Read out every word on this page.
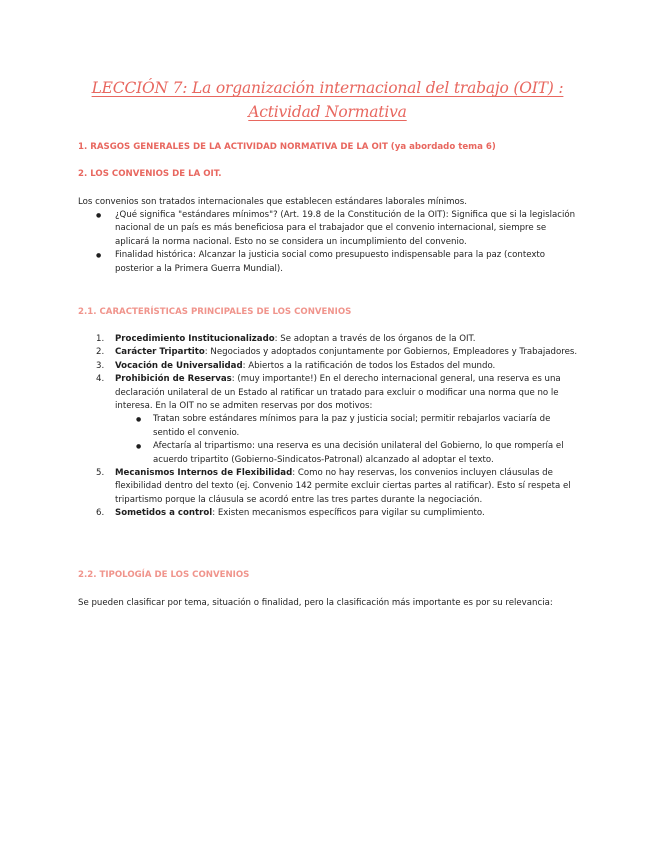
LECCIÓN 7: La organización internacional del trabajo (OIT) :
Actividad Normativa
1. RASGOS GENERALES DE LA ACTIVIDAD NORMATIVA DE LA OIT (ya abordado tema 6)
2. LOS CONVENIOS DE LA OIT.
Los convenios son tratados internacionales que establecen estándares laborales mínimos.
● ¿Qué significa "estándares mínimos"? (Art. 19.8 de la Constitución de la OIT): Significa que si la legislación nacional de un país es más beneficiosa para el trabajador que el convenio internacional, siempre se aplicará la norma nacional. Esto no se considera un incumplimiento del convenio.
● Finalidad histórica: Alcanzar la justicia social como presupuesto indispensable para la paz (contexto posterior a la Primera Guerra Mundial).
2.1. CARACTERÍSTICAS PRINCIPALES DE LOS CONVENIOS
1. Procedimiento Institucionalizado: Se adoptan a través de los órganos de la OIT.
2. Carácter Tripartito: Negociados y adoptados conjuntamente por Gobiernos, Empleadores y Trabajadores.
3. Vocación de Universalidad: Abiertos a la ratificación de todos los Estados del mundo.
4. Prohibición de Reservas: (muy importante!) En el derecho internacional general, una reserva es una declaración unilateral de un Estado al ratificar un tratado para excluir o modificar una norma que no le interesa. En la OIT no se admiten reservas por dos motivos:
● Tratan sobre estándares mínimos para la paz y justicia social; permitir rebajarlos vaciaría de sentido el convenio.
● Afectaría al tripartismo: una reserva es una decisión unilateral del Gobierno, lo que rompería el acuerdo tripartito (Gobierno-Sindicatos-Patronal) alcanzado al adoptar el texto.
5. Mecanismos Internos de Flexibilidad: Como no hay reservas, los convenios incluyen cláusulas de flexibilidad dentro del texto (ej. Convenio 142 permite excluir ciertas partes al ratificar). Esto sí respeta el tripartismo porque la cláusula se acordó entre las tres partes durante la negociación.
6. Sometidos a control: Existen mecanismos específicos para vigilar su cumplimiento.
2.2. TIPOLOGÍA DE LOS CONVENIOS
Se pueden clasificar por tema, situación o finalidad, pero la clasificación más importante es por su relevancia:
